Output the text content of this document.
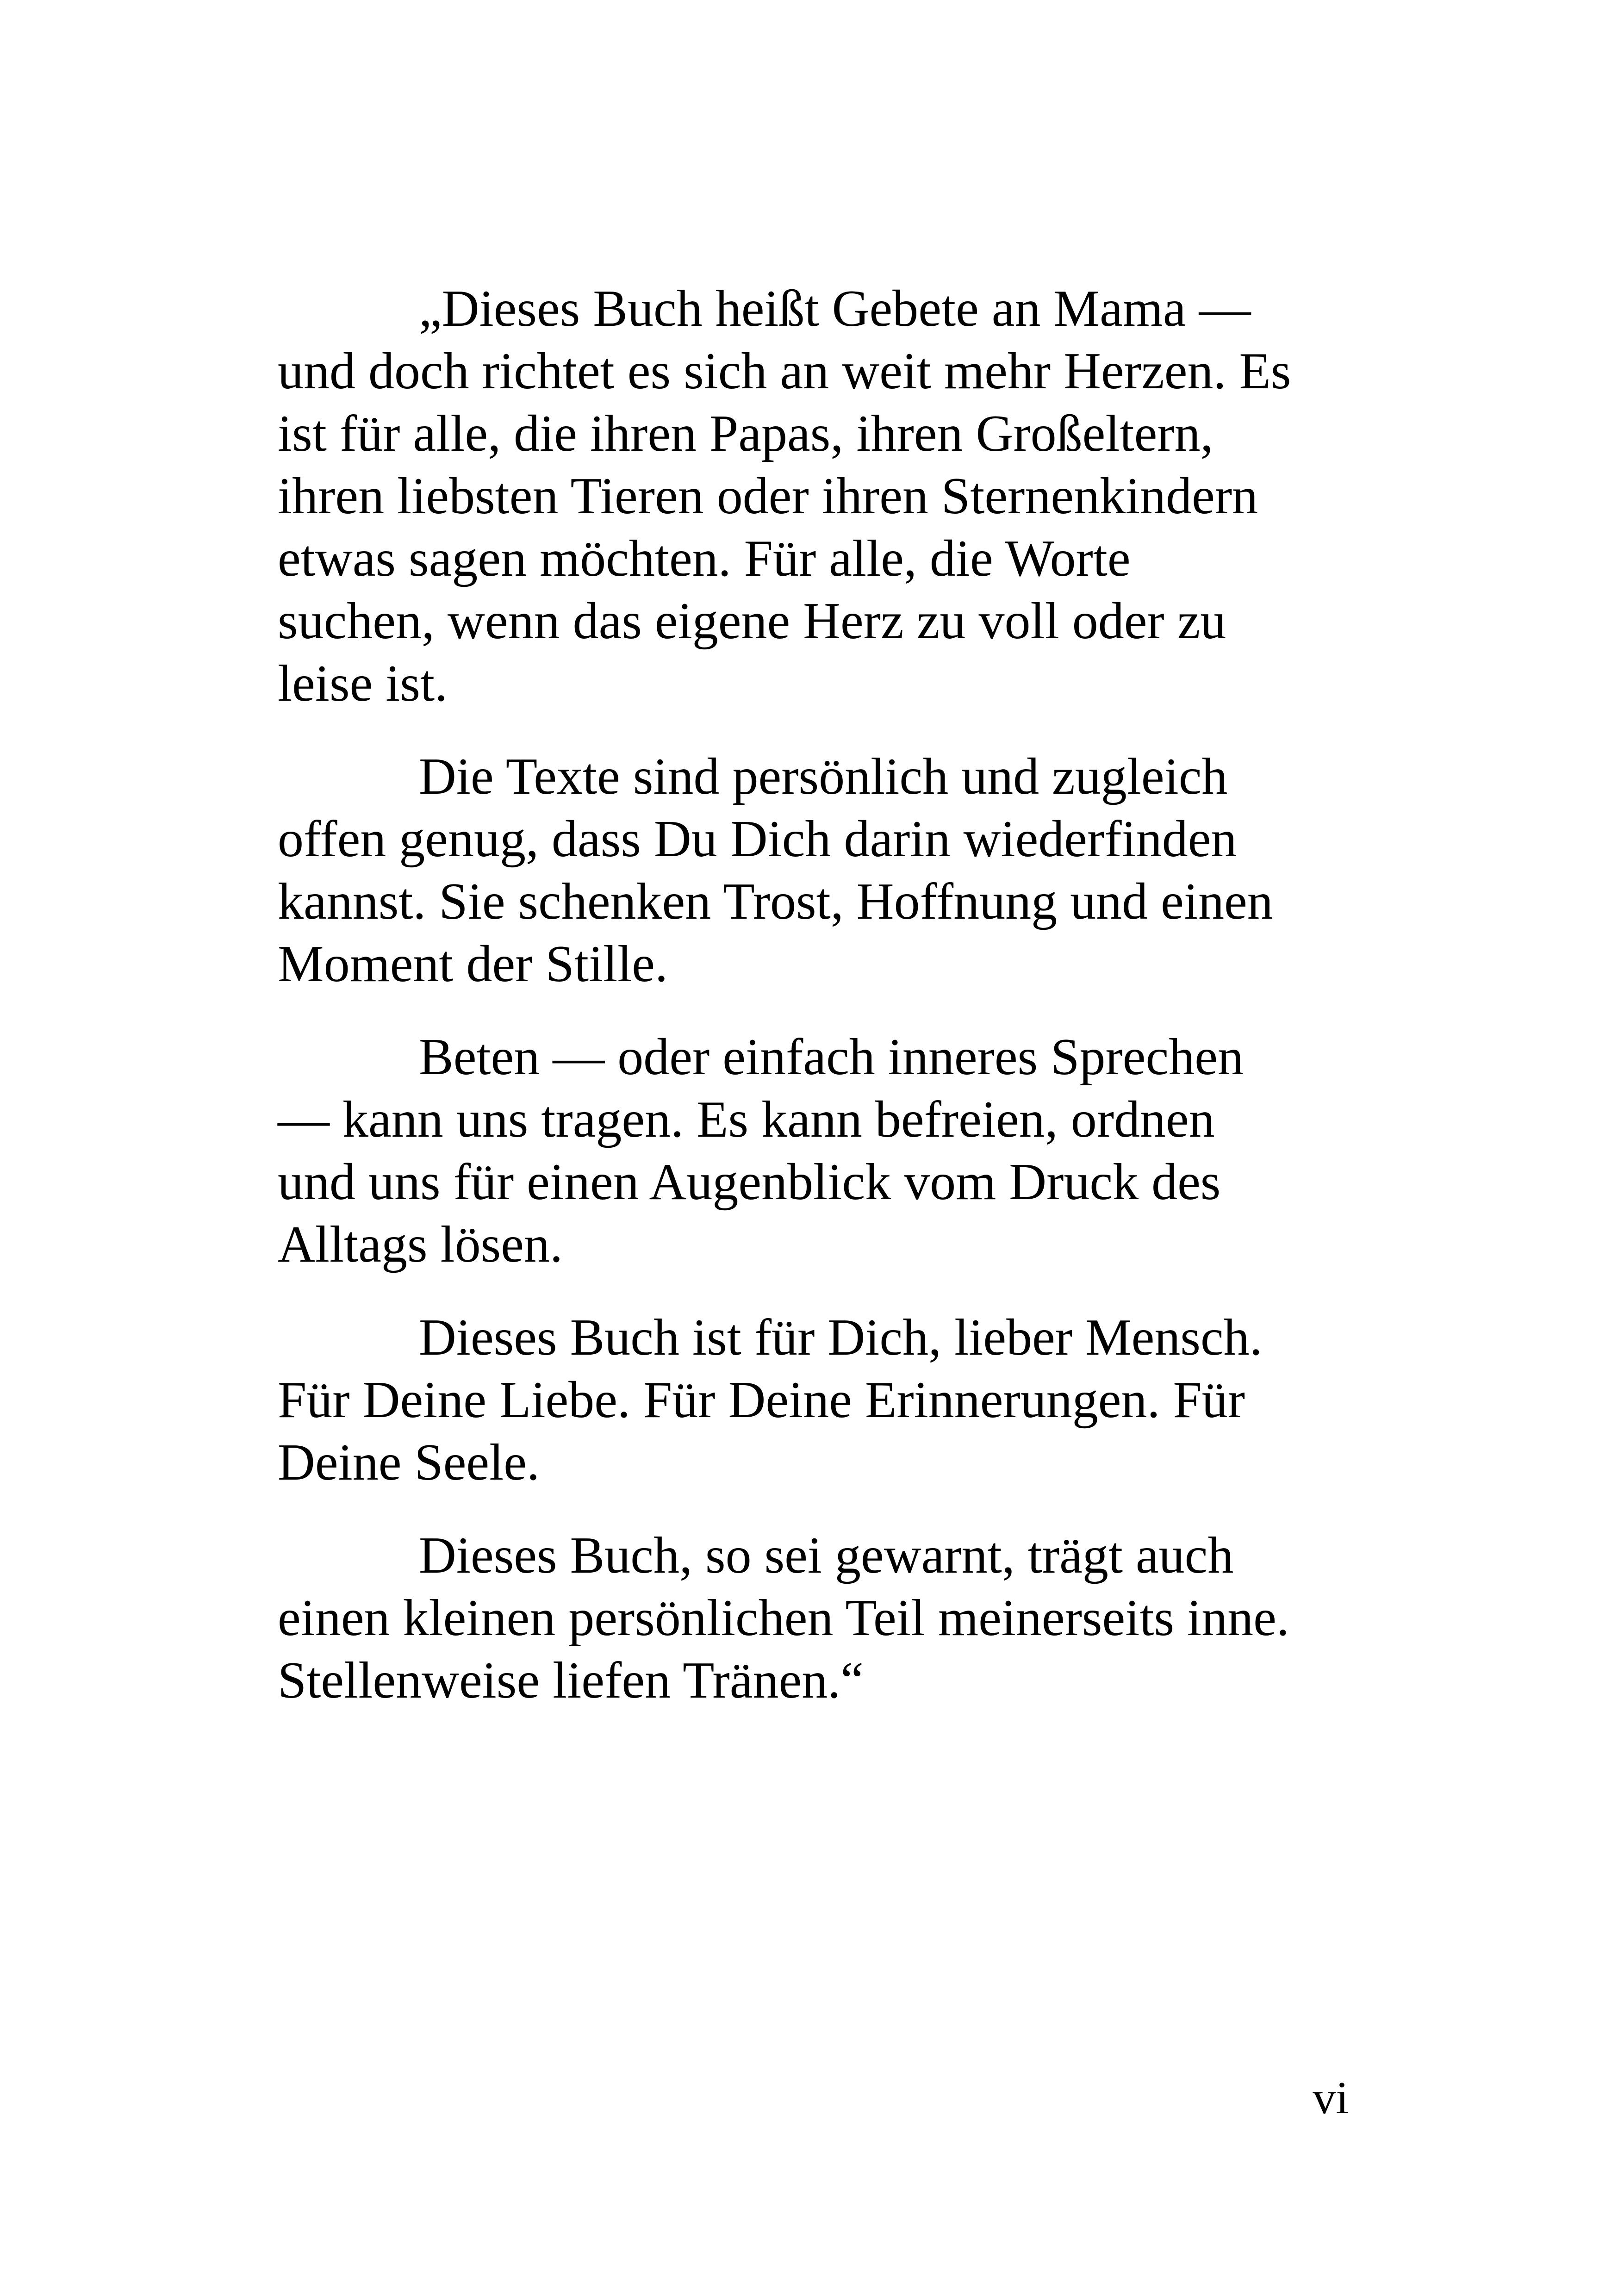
„Dieses Buch heißt Gebete an Mama —
und doch richtet es sich an weit mehr Herzen. Es
ist für alle, die ihren Papas, ihren Großeltern,
ihren liebsten Tieren oder ihren Sternenkindern
etwas sagen möchten. Für alle, die Worte
suchen, wenn das eigene Herz zu voll oder zu
leise ist.
Die Texte sind persönlich und zugleich
offen genug, dass Du Dich darin wiederfinden
kannst. Sie schenken Trost, Hoffnung und einen
Moment der Stille.
Beten — oder einfach inneres Sprechen
— kann uns tragen. Es kann befreien, ordnen
und uns für einen Augenblick vom Druck des
Alltags lösen.
Dieses Buch ist für Dich, lieber Mensch.
Für Deine Liebe. Für Deine Erinnerungen. Für
Deine Seele.
Dieses Buch, so sei gewarnt, trägt auch
einen kleinen persönlichen Teil meinerseits inne.
Stellenweise liefen Tränen.“
vi
